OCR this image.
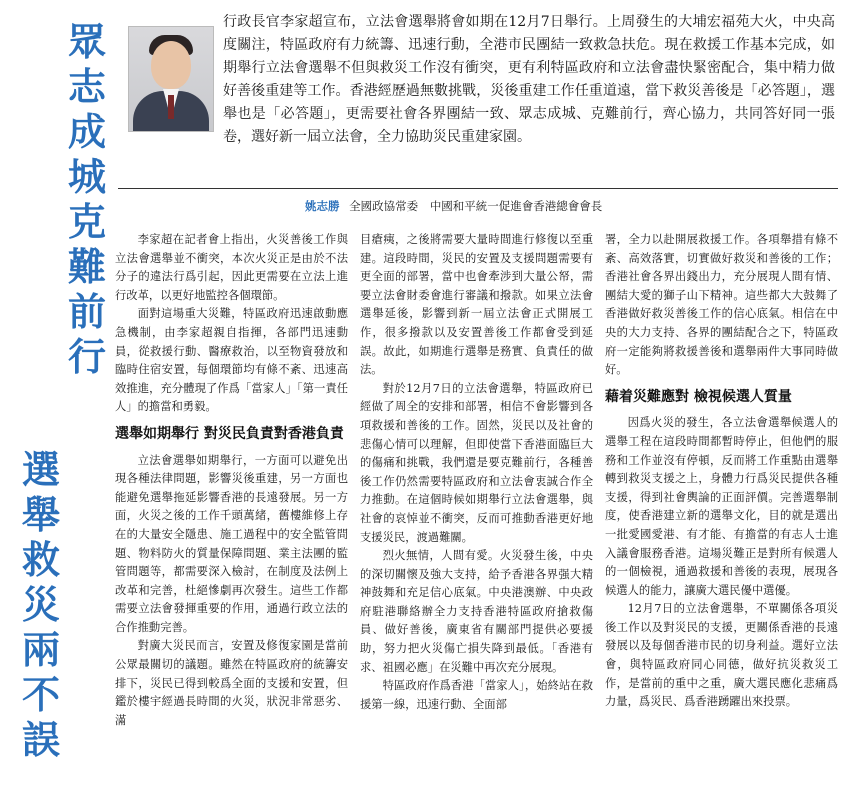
眾
志
成
城
克
難
前
行
選
舉
救
災
兩
不
誤

行政長官李家超宣布，立法會選舉將會如期在12月7日舉行。上周發生的大埔宏福苑大火，中央高度關注，特區政府有力統籌、迅速行動，全港市民團結一致救急扶危。現在救援工作基本完成，如期舉行立法會選舉不但與救災工作沒有衝突，更有利特區政府和立法會盡快緊密配合，集中精力做好善後重建等工作。香港經歷過無數挑戰，災後重建工作任重道遠，當下救災善後是「必答題」，選舉也是「必答題」，更需要社會各界團結一致、眾志成城、克難前行，齊心協力，共同答好同一張卷，選好新一屆立法會，全力協助災民重建家園。

姚志勝 全國政協常委 中國和平統一促進會香港總會會長

李家超在記者會上指出，火災善後工作與立法會選舉並不衝突，本次火災正是由於不法分子的違法行爲引起，因此更需要在立法上進行改革，以更好地監控各個環節。

面對這場重大災難，特區政府迅速啟動應急機制，由李家超親自指揮，各部門迅速動員，從救援行動、醫療救治，以至物資發放和臨時住宿安置，每個環節均有條不紊、迅速高效推進，充分體現了作爲「當家人」「第一責任人」的擔當和勇毅。

選舉如期舉行 對災民負責對香港負責

立法會選舉如期舉行，一方面可以避免出現各種法律問題，影響災後重建，另一方面也能避免選舉拖延影響香港的長遠發展。另一方面，火災之後的工作千頭萬緒，舊樓維修上存在的大量安全隱患、施工過程中的安全監管問題、物料防火的質量保障問題、業主法團的監管問題等，都需要深入檢討，在制度及法例上改革和完善，杜絕慘劇再次發生。這些工作都需要立法會發揮重要的作用，通過行政立法的合作推動完善。

對廣大災民而言，安置及修復家園是當前公眾最關切的議題。雖然在特區政府的統籌安排下，災民已得到較爲全面的支援和安置，但鑑於樓宇經過長時間的火災，狀況非常惡劣、滿

目瘡痍，之後將需要大量時間進行修復以至重建。這段時間，災民的安置及支援問題需要有更全面的部署，當中也會牽涉到大量公帑，需要立法會財委會進行審議和撥款。如果立法會選舉延後，影響到新一屆立法會正式開展工作，很多撥款以及安置善後工作都會受到延誤。故此，如期進行選舉是務實、負責任的做法。

對於12月7日的立法會選舉，特區政府已經做了周全的安排和部署，相信不會影響到各項救援和善後的工作。固然，災民以及社會的悲傷心情可以理解，但即使當下香港面臨巨大的傷痛和挑戰，我們還是要克難前行，各種善後工作仍然需要特區政府和立法會衷誠合作全力推動。在這個時候如期舉行立法會選舉，與社會的哀悼並不衝突，反而可推動香港更好地支援災民，渡過難關。

烈火無情，人間有愛。火災發生後，中央的深切關懷及強大支持，給予香港各界强大精神鼓舞和充足信心底氣。中央港澳辦、中央政府駐港聯絡辦全力支持香港特區政府搶救傷員、做好善後，廣東省有關部門提供必要援助，努力把火災傷亡損失降到最低。「香港有求、祖國必應」在災難中再次充分展現。

特區政府作爲香港「當家人」，始終站在救援第一線，迅速行動、全面部

署，全力以赴開展救援工作。各項舉措有條不紊、高效落實，切實做好救災和善後的工作；香港社會各界出錢出力，充分展現人間有情、團結大愛的獅子山下精神。這些都大大鼓舞了香港做好救災善後工作的信心底氣。相信在中央的大力支持、各界的團結配合之下，特區政府一定能夠將救援善後和選舉兩件大事同時做好。

藉着災難應對 檢視候選人質量

因爲火災的發生，各立法會選舉候選人的選舉工程在這段時間都暫時停止，但他們的服務和工作並沒有停頓，反而將工作重點由選舉轉到救災支援之上，身體力行爲災民提供各種支援，得到社會輿論的正面評價。完善選舉制度，使香港建立新的選舉文化，目的就是選出一批愛國愛港、有才能、有擔當的有志人士進入議會服務香港。這場災難正是對所有候選人的一個檢視，通過救援和善後的表現，展現各候選人的能力，讓廣大選民優中選優。

12月7日的立法會選舉，不單關係各項災後工作以及對災民的支援，更關係香港的長遠發展以及每個香港市民的切身利益。選好立法會，與特區政府同心同德，做好抗災救災工作，是當前的重中之重，廣大選民應化悲痛爲力量，爲災民、爲香港踴躍出來投票。
